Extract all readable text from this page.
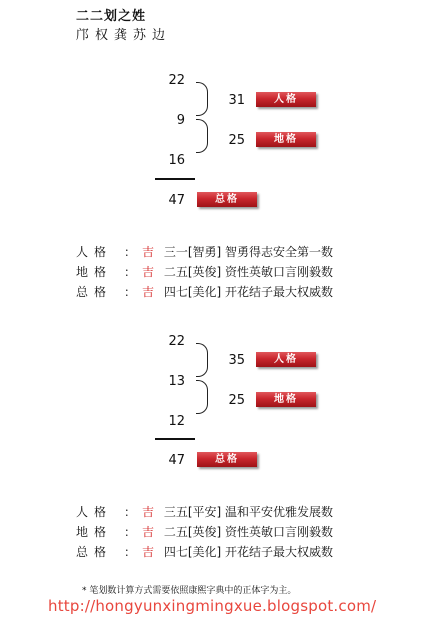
二二划之姓
邝权龚苏边
22
9
16
31	人格
25	地格
47	总格
人格 ： 吉 三一[智勇] 智勇得志安全第一数
地格 ： 吉 二五[英俊] 资性英敏口言刚毅数
总格 ： 吉 四七[美化] 开花结子最大权威数
22
13
12
35	人格
25	地格
47	总格
人格 ： 吉 三五[平安] 温和平安优雅发展数
地格 ： 吉 二五[英俊] 资性英敏口言刚毅数
总格 ： 吉 四七[美化] 开花结子最大权威数
* 笔划数计算方式需要依照康熙字典中的正体字为主。
http://hongyunxingmingxue.blogspot.com/
